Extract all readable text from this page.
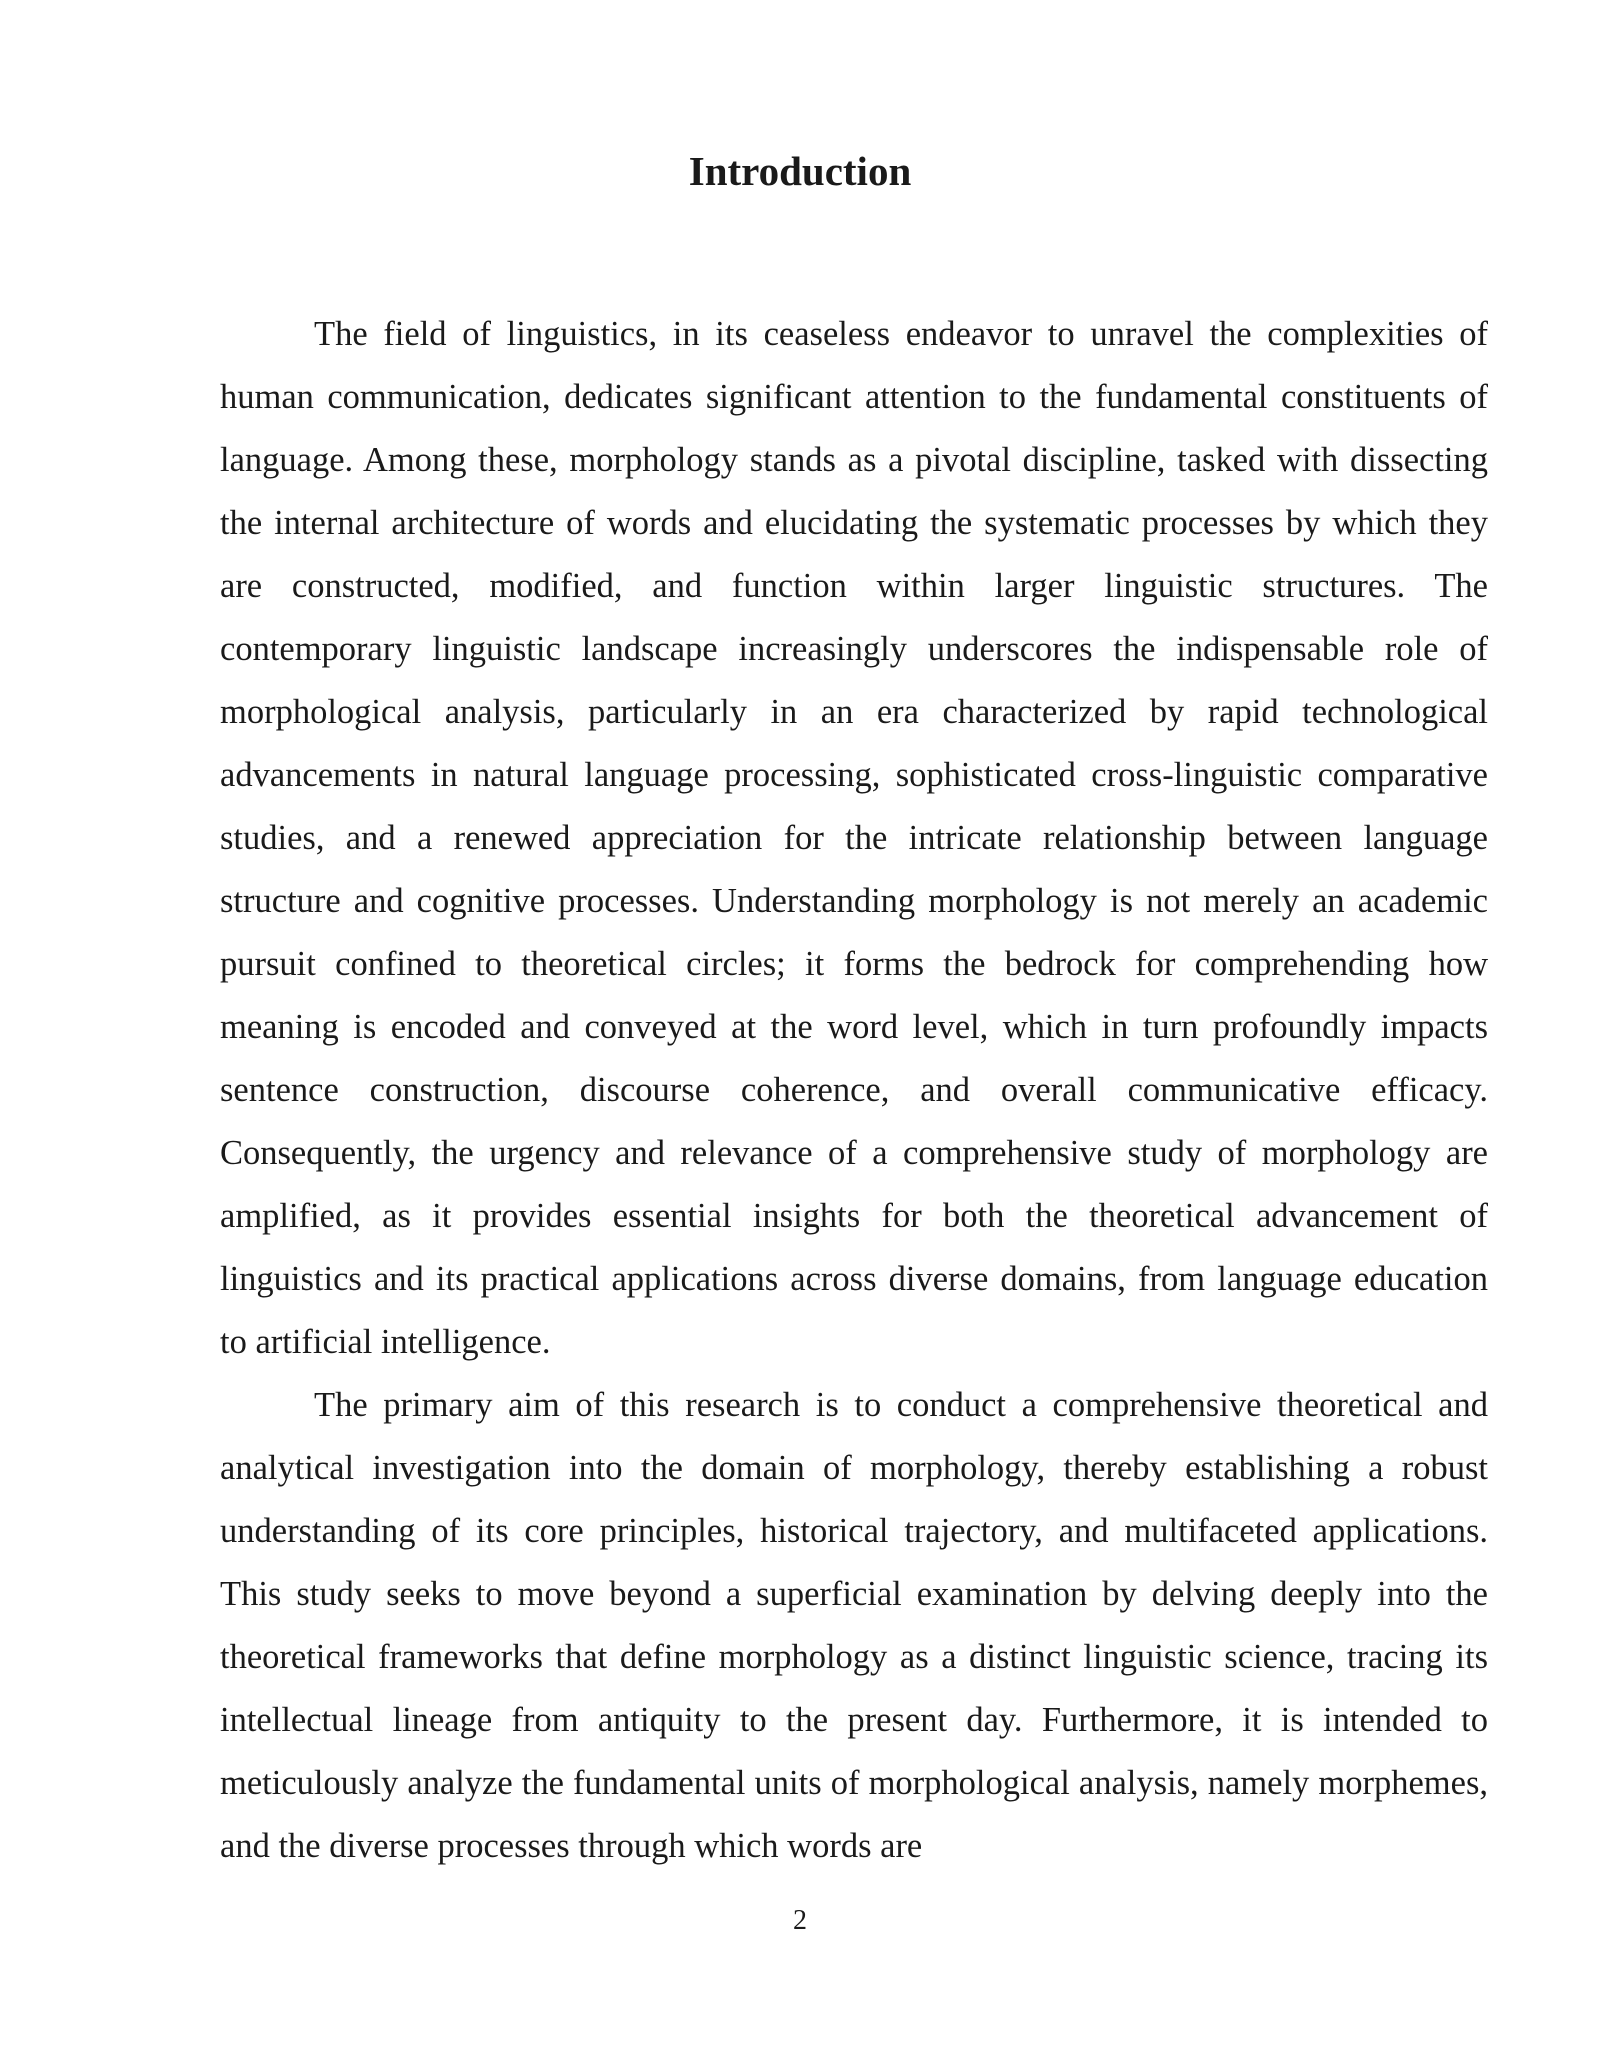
Introduction

The field of linguistics, in its ceaseless endeavor to unravel the complexities of human communication, dedicates significant attention to the fundamental constituents of language. Among these, morphology stands as a pivotal discipline, tasked with dissecting the internal architecture of words and elucidating the systematic processes by which they are constructed, modified, and function within larger linguistic structures. The contemporary linguistic landscape increasingly underscores the indispensable role of morphological analysis, particularly in an era characterized by rapid technological advancements in natural language processing, sophisticated cross-linguistic comparative studies, and a renewed appreciation for the intricate relationship between language structure and cognitive processes. Understanding morphology is not merely an academic pursuit confined to theoretical circles; it forms the bedrock for comprehending how meaning is encoded and conveyed at the word level, which in turn profoundly impacts sentence construction, discourse coherence, and overall communicative efficacy. Consequently, the urgency and relevance of a comprehensive study of morphology are amplified, as it provides essential insights for both the theoretical advancement of linguistics and its practical applications across diverse domains, from language education to artificial intelligence.

The primary aim of this research is to conduct a comprehensive theoretical and analytical investigation into the domain of morphology, thereby establishing a robust understanding of its core principles, historical trajectory, and multifaceted applications. This study seeks to move beyond a superficial examination by delving deeply into the theoretical frameworks that define morphology as a distinct linguistic science, tracing its intellectual lineage from antiquity to the present day. Furthermore, it is intended to meticulously analyze the fundamental units of morphological analysis, namely morphemes, and the diverse processes through which words are

2
